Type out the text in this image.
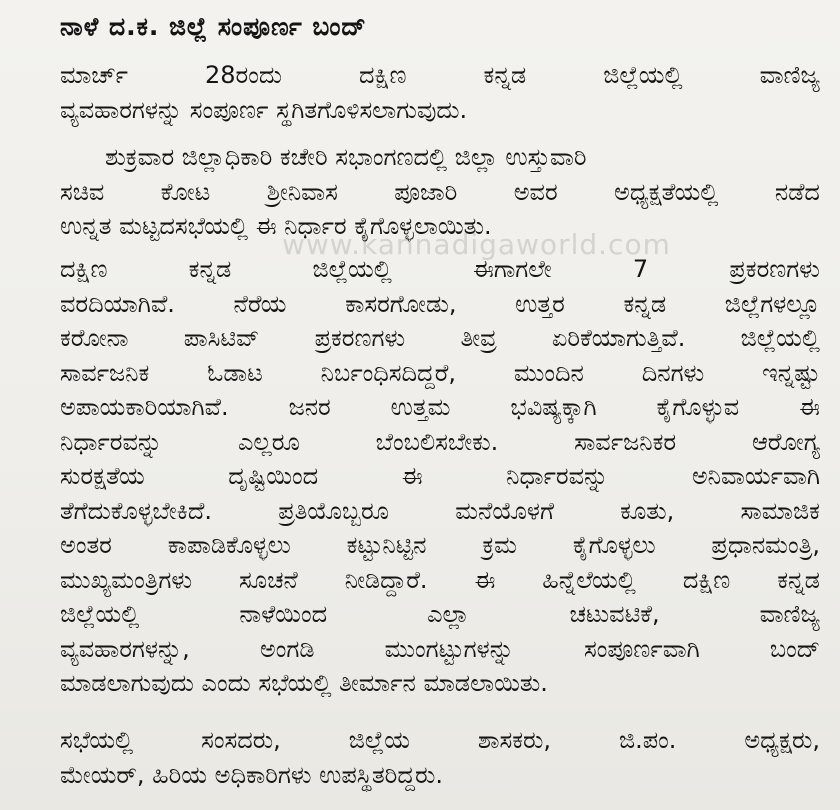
ನಾಳೆ ದ.ಕ. ಜಿಲ್ಲೆ ಸಂಪೂರ್ಣ ಬಂದ್
www.kannadigaworld.com

ಮಾರ್ಚ್	28ರಂದು	ದಕ್ಷಿಣ	ಕನ್ನಡ	ಜಿಲ್ಲೆಯಲ್ಲಿ	ವಾಣಿಜ್ಯ
ವ್ಯವಹಾರಗಳನ್ನು ಸಂಪೂರ್ಣ ಸ್ಥಗಿತಗೊಳಿಸಲಾಗುವುದು.

ಶುಕ್ರವಾರ ಜಿಲ್ಲಾಧಿಕಾರಿ ಕಚೇರಿ ಸಭಾಂಗಣದಲ್ಲಿ ಜಿಲ್ಲಾ ಉಸ್ತುವಾರಿ
ಸಚಿವ ಕೋಟ ಶ್ರೀನಿವಾಸ ಪೂಜಾರಿ ಅವರ ಅಧ್ಯಕ್ಷತೆಯಲ್ಲಿ ನಡೆದ
ಉನ್ನತ ಮಟ್ಟದಸಭೆಯಲ್ಲಿ ಈ ನಿರ್ಧಾರ ಕೈಗೊಳ್ಳಲಾಯಿತು.

ದಕ್ಷಿಣ	ಕನ್ನಡ	ಜಿಲ್ಲೆಯಲ್ಲಿ	ಈಗಾಗಲೇ	7	ಪ್ರಕರಣಗಳು
ವರದಿಯಾಗಿವೆ. ನೆರೆಯ ಕಾಸರಗೋಡು, ಉತ್ತರ ಕನ್ನಡ ಜಿಲ್ಲೆಗಳಲ್ಲೂ
ಕರೋನಾ ಪಾಸಿಟಿವ್ ಪ್ರಕರಣಗಳು ತೀವ್ರ ಏರಿಕೆಯಾಗುತ್ತಿವೆ. ಜಿಲ್ಲೆಯಲ್ಲಿ
ಸಾರ್ವಜನಿಕ ಓಡಾಟ ನಿರ್ಬಂಧಿಸದಿದ್ದರೆ, ಮುಂದಿನ ದಿನಗಳು ಇನ್ನಷ್ಟು
ಅಪಾಯಕಾರಿಯಾಗಿವೆ. ಜನರ ಉತ್ತಮ ಭವಿಷ್ಯಕ್ಕಾಗಿ ಕೈಗೊಳ್ಳುವ ಈ
ನಿರ್ಧಾರವನ್ನು	ಎಲ್ಲರೂ	ಬೆಂಬಲಿಸಬೇಕು.	ಸಾರ್ವಜನಿಕರ	ಆರೋಗ್ಯ
ಸುರಕ್ಷತೆಯ	ದೃಷ್ಟಿಯಿಂದ	ಈ	ನಿರ್ಧಾರವನ್ನು	ಅನಿವಾರ್ಯವಾಗಿ
ತೆಗೆದುಕೊಳ್ಳಬೇಕಿದೆ.	ಪ್ರತಿಯೊಬ್ಬರೂ	ಮನೆಯೊಳಗೆ	ಕೂತು,	ಸಾಮಾಜಿಕ
ಅಂತರ ಕಾಪಾಡಿಕೊಳ್ಳಲು ಕಟ್ಟುನಿಟ್ಟಿನ ಕ್ರಮ ಕೈಗೊಳ್ಳಲು ಪ್ರಧಾನಮಂತ್ರಿ,
ಮುಖ್ಯಮಂತ್ರಿಗಳು ಸೂಚನೆ ನೀಡಿದ್ದಾರೆ. ಈ ಹಿನ್ನೆಲೆಯಲ್ಲಿ ದಕ್ಷಿಣ ಕನ್ನಡ
ಜಿಲ್ಲೆಯಲ್ಲಿ	ನಾಳೆಯಿಂದ	ಎಲ್ಲಾ	ಚಟುವಟಿಕೆ,	ವಾಣಿಜ್ಯ
ವ್ಯವಹಾರಗಳನ್ನು,	ಅಂಗಡಿ	ಮುಂಗಟ್ಟುಗಳನ್ನು	ಸಂಪೂರ್ಣವಾಗಿ	ಬಂದ್
ಮಾಡಲಾಗುವುದು ಎಂದು ಸಭೆಯಲ್ಲಿ ತೀರ್ಮಾನ ಮಾಡಲಾಯಿತು.

ಸಭೆಯಲ್ಲಿ	ಸಂಸದರು,	ಜಿಲ್ಲೆಯ	ಶಾಸಕರು,	ಜಿ.ಪಂ.	ಅಧ್ಯಕ್ಷರು,
ಮೇಯರ್, ಹಿರಿಯ ಅಧಿಕಾರಿಗಳು ಉಪಸ್ಥಿತರಿದ್ದರು.
